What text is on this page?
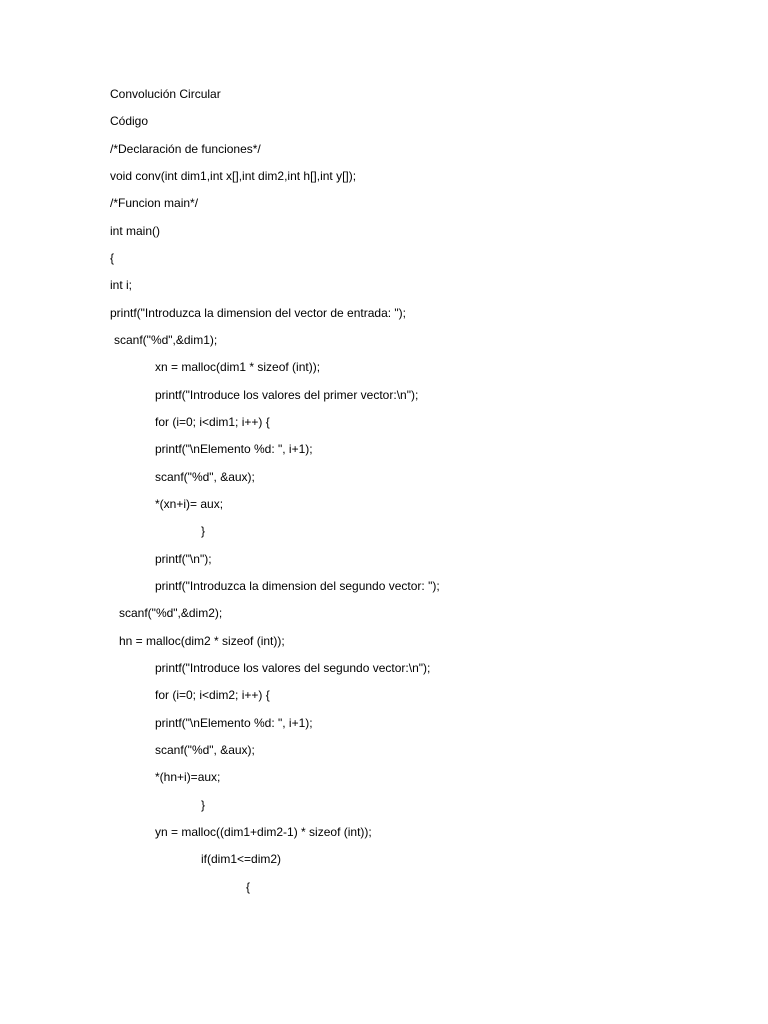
Convolución Circular
Código
/*Declaración de funciones*/
void conv(int dim1,int x[],int dim2,int h[],int y[]);
/*Funcion main*/
int main()
{
int i;
printf("Introduzca la dimension del vector de entrada: ");
scanf("%d",&dim1);
xn = malloc(dim1 * sizeof (int));
printf("Introduce los valores del primer vector:\n");
for (i=0; i<dim1; i++) {
printf("\nElemento %d: ", i+1);
scanf("%d", &aux);
*(xn+i)= aux;
}
printf("\n");
printf("Introduzca la dimension del segundo vector: ");
scanf("%d",&dim2);
hn = malloc(dim2 * sizeof (int));
printf("Introduce los valores del segundo vector:\n");
for (i=0; i<dim2; i++) {
printf("\nElemento %d: ", i+1);
scanf("%d", &aux);
*(hn+i)=aux;
}
yn = malloc((dim1+dim2-1) * sizeof (int));
if(dim1<=dim2)
{
